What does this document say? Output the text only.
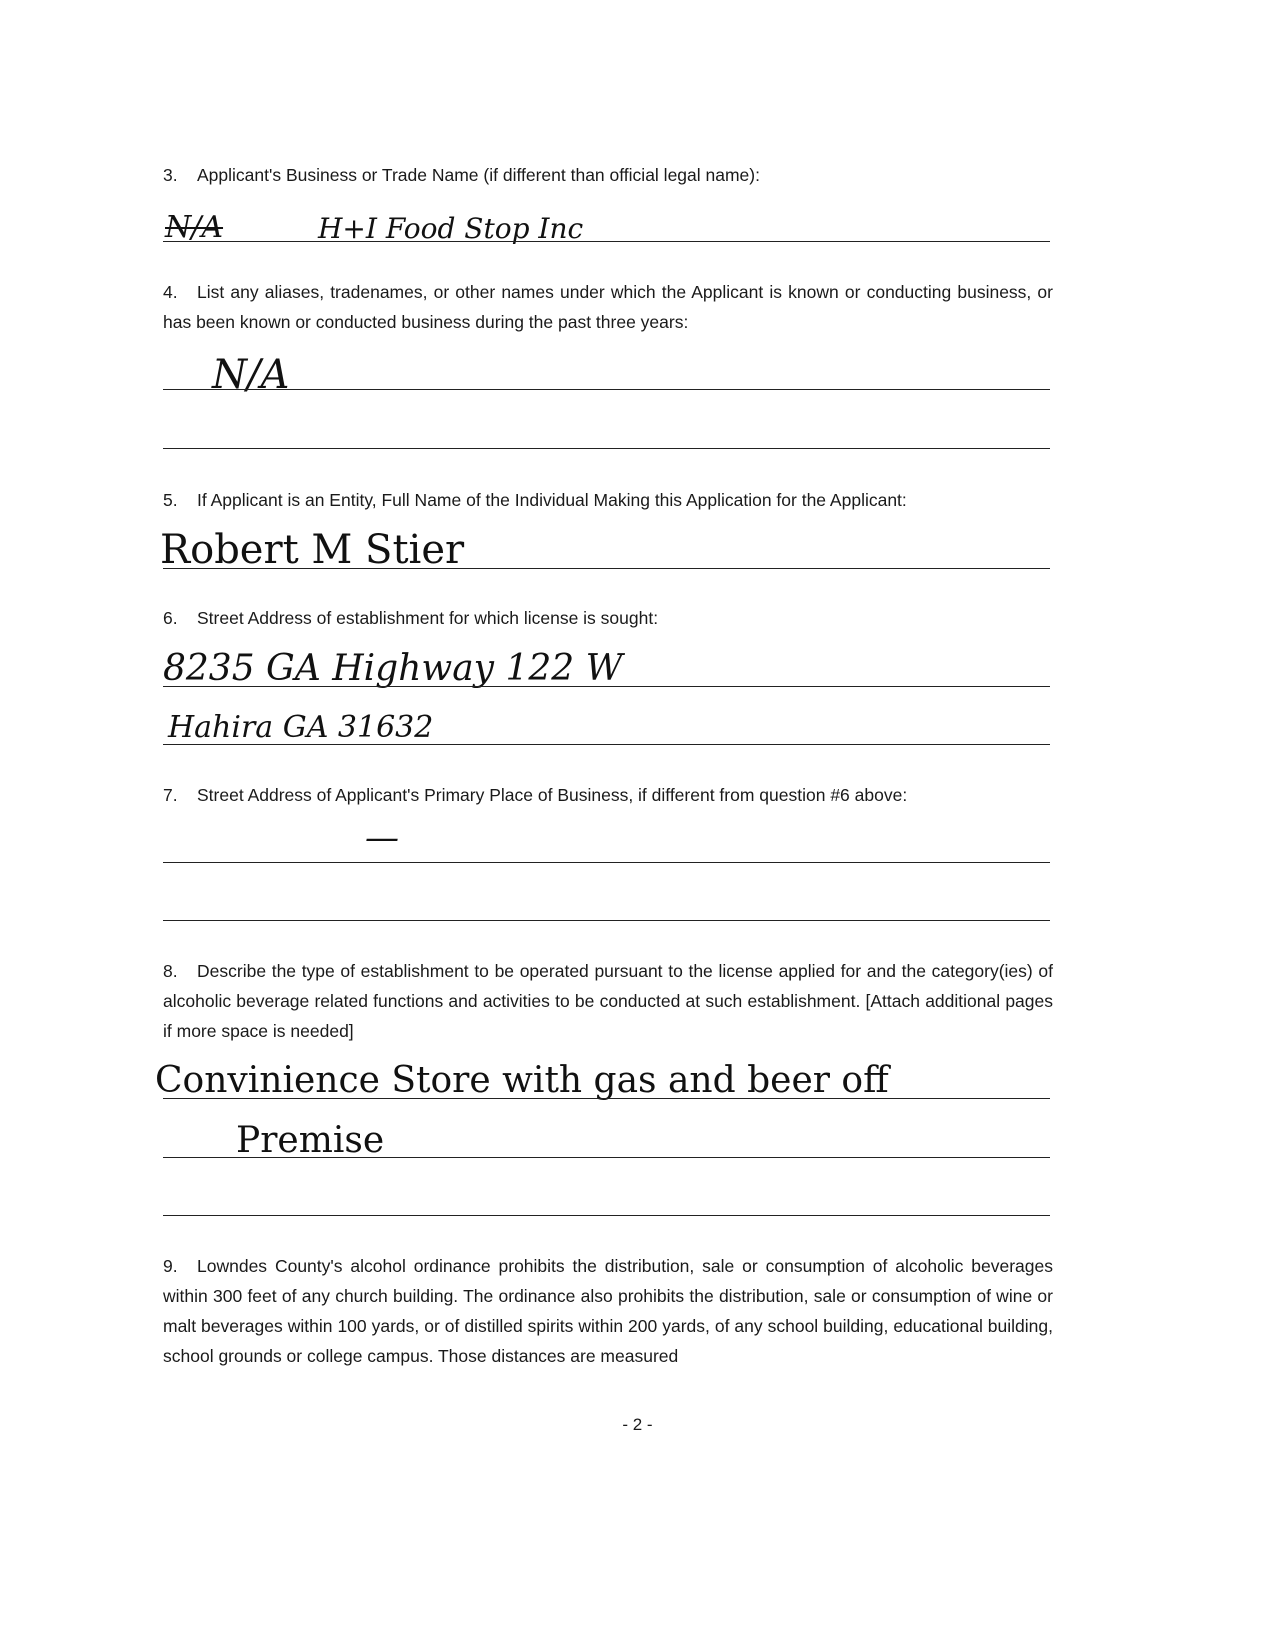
3. Applicant's Business or Trade Name (if different than official legal name):
N/A	H+I Food Stop Inc
4. List any aliases, tradenames, or other names under which the Applicant is known or conducting business, or has been known or conducted business during the past three years:
N/A
5. If Applicant is an Entity, Full Name of the Individual Making this Application for the Applicant:
Robert M Stier
6. Street Address of establishment for which license is sought:
8235 GA Highway 122 W
Hahira GA 31632
7. Street Address of Applicant's Primary Place of Business, if different from question #6 above:
—
8. Describe the type of establishment to be operated pursuant to the license applied for and the category(ies) of alcoholic beverage related functions and activities to be conducted at such establishment. [Attach additional pages if more space is needed]
Convinience Store with gas and beer off
Premise
9. Lowndes County's alcohol ordinance prohibits the distribution, sale or consumption of alcoholic beverages within 300 feet of any church building. The ordinance also prohibits the distribution, sale or consumption of wine or malt beverages within 100 yards, or of distilled spirits within 200 yards, of any school building, educational building, school grounds or college campus. Those distances are measured
- 2 -
